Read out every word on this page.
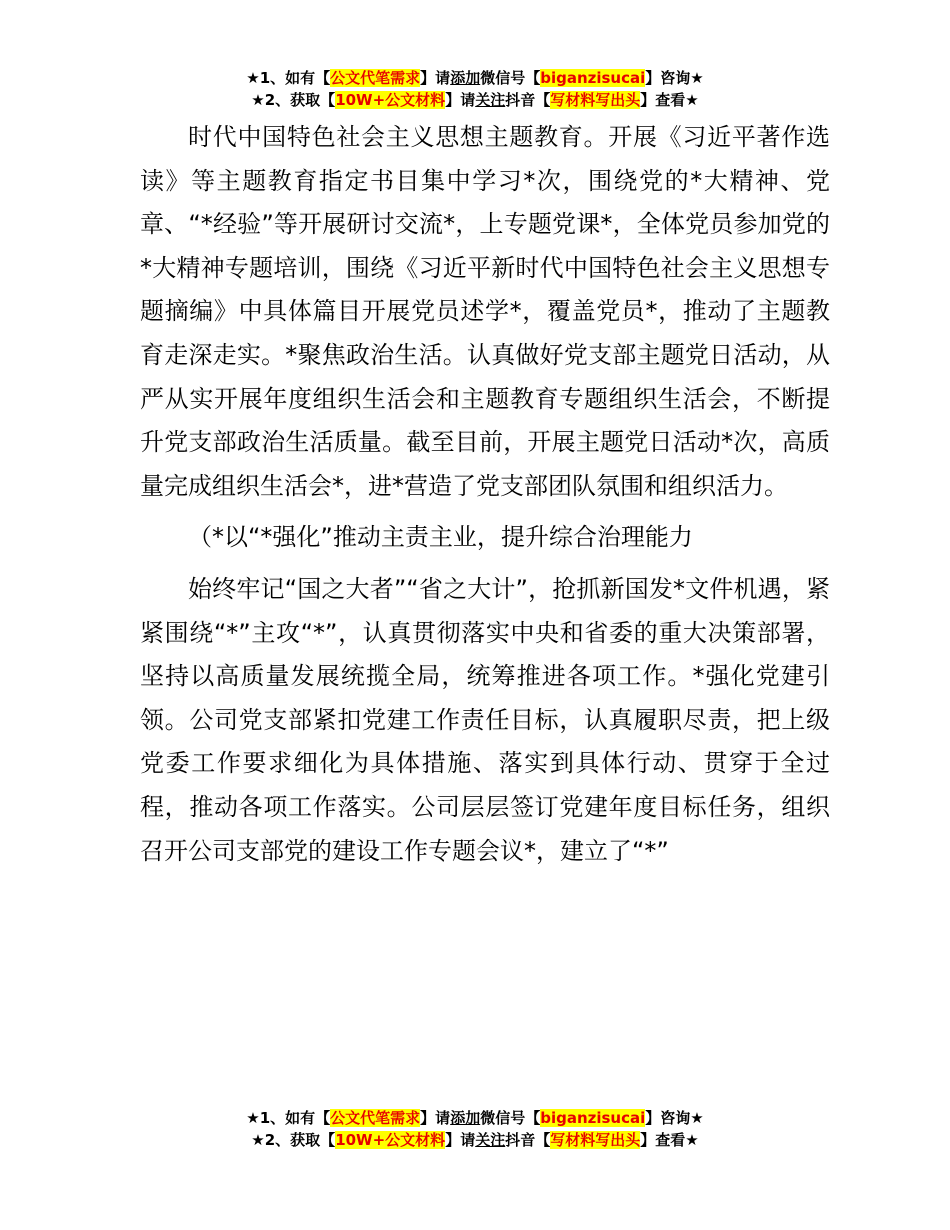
★1、如有【公文代笔需求】请添加微信号【biganzisucai】咨询★
★2、获取【10W+公文材料】请关注抖音【写材料写出头】查看★

时代中国特色社会主义思想主题教育。开展《习近平著作选读》等主题教育指定书目集中学习*次，围绕党的*大精神、党章、“*经验”等开展研讨交流*，上专题党课*，全体党员参加党的*大精神专题培训，围绕《习近平新时代中国特色社会主义思想专题摘编》中具体篇目开展党员述学*，覆盖党员*，推动了主题教育走深走实。*聚焦政治生活。认真做好党支部主题党日活动，从严从实开展年度组织生活会和主题教育专题组织生活会，不断提升党支部政治生活质量。截至目前，开展主题党日活动*次，高质量完成组织生活会*，进*营造了党支部团队氛围和组织活力。

（*以“*强化”推动主责主业，提升综合治理能力

始终牢记“国之大者”“省之大计”，抢抓新国发*文件机遇，紧紧围绕“*”主攻“*”，认真贯彻落实中央和省委的重大决策部署，坚持以高质量发展统揽全局，统筹推进各项工作。*强化党建引领。公司党支部紧扣党建工作责任目标，认真履职尽责，把上级党委工作要求细化为具体措施、落实到具体行动、贯穿于全过程，推动各项工作落实。公司层层签订党建年度目标任务，组织召开公司支部党的建设工作专题会议*，建立了“*”

★1、如有【公文代笔需求】请添加微信号【biganzisucai】咨询★
★2、获取【10W+公文材料】请关注抖音【写材料写出头】查看★
